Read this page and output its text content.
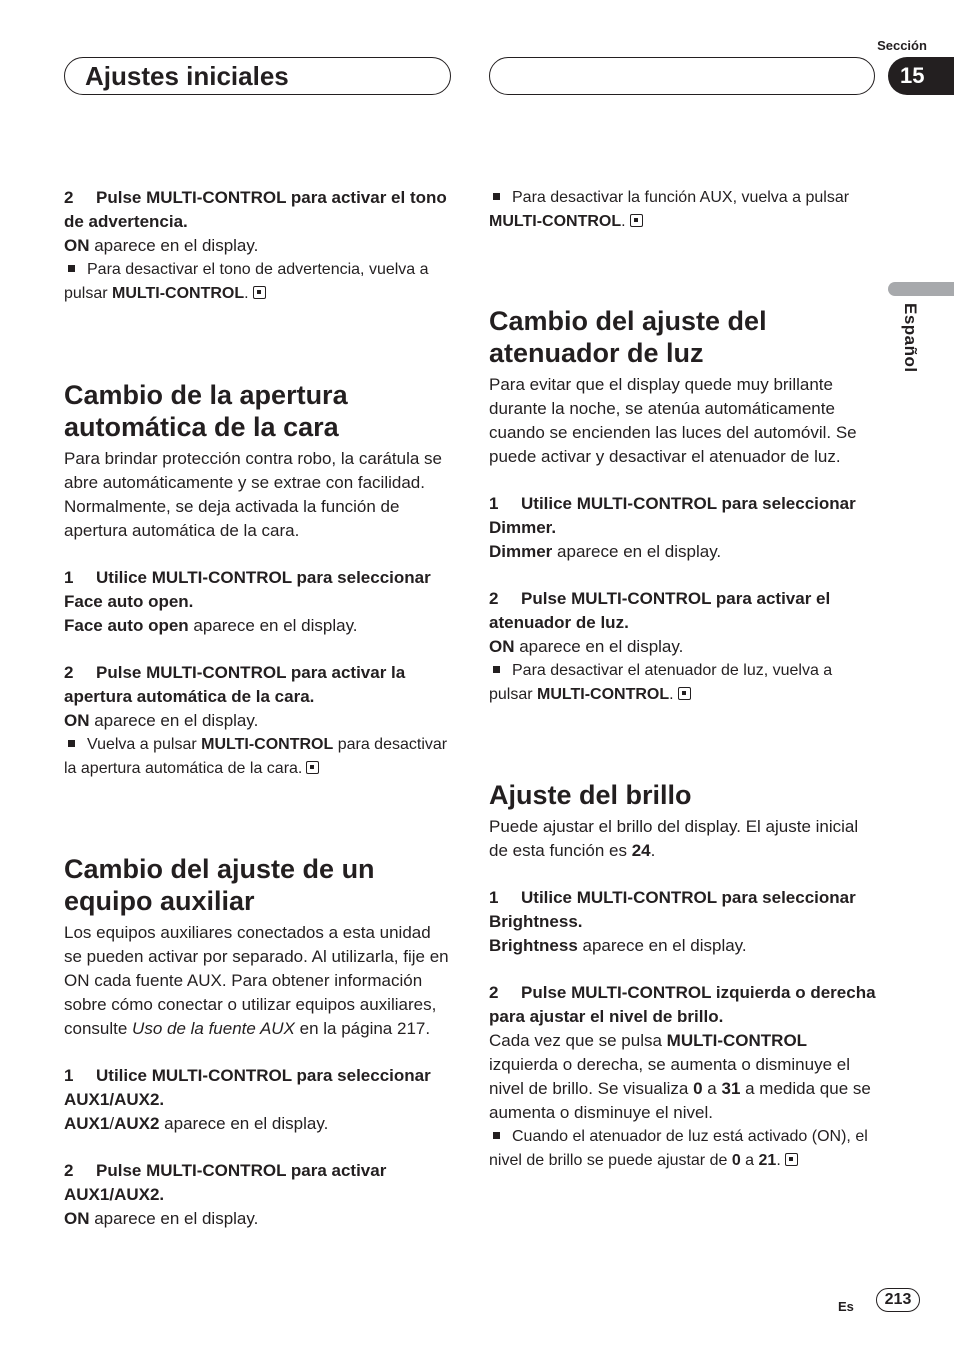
Ajustes iniciales
Sección
15
Español

2 Pulse MULTI-CONTROL para activar el tono de advertencia.

ON aparece en el display.

Para desactivar el tono de advertencia, vuelva a pulsar MULTI-CONTROL.

Cambio de la apertura automática de la cara

Para brindar protección contra robo, la carátula se abre automáticamente y se extrae con facilidad. Normalmente, se deja activada la función de apertura automática de la cara.

1 Utilice MULTI-CONTROL para seleccionar Face auto open.

Face auto open aparece en el display.

2 Pulse MULTI-CONTROL para activar la apertura automática de la cara.

ON aparece en el display.

Vuelva a pulsar MULTI-CONTROL para desactivar la apertura automática de la cara.

Cambio del ajuste de un equipo auxiliar

Los equipos auxiliares conectados a esta unidad se pueden activar por separado. Al utilizarla, fije en ON cada fuente AUX. Para obtener información sobre cómo conectar o utilizar equipos auxiliares, consulte Uso de la fuente AUX en la página 217.

1 Utilice MULTI-CONTROL para seleccionar AUX1/AUX2.

AUX1/AUX2 aparece en el display.

2 Pulse MULTI-CONTROL para activar AUX1/AUX2.

ON aparece en el display.

Para desactivar la función AUX, vuelva a pulsar MULTI-CONTROL.

Cambio del ajuste del atenuador de luz

Para evitar que el display quede muy brillante durante la noche, se atenúa automáticamente cuando se encienden las luces del automóvil. Se puede activar y desactivar el atenuador de luz.

1 Utilice MULTI-CONTROL para seleccionar Dimmer.

Dimmer aparece en el display.

2 Pulse MULTI-CONTROL para activar el atenuador de luz.

ON aparece en el display.

Para desactivar el atenuador de luz, vuelva a pulsar MULTI-CONTROL.

Ajuste del brillo

Puede ajustar el brillo del display. El ajuste inicial de esta función es 24.

1 Utilice MULTI-CONTROL para seleccionar Brightness.

Brightness aparece en el display.

2 Pulse MULTI-CONTROL izquierda o derecha para ajustar el nivel de brillo.

Cada vez que se pulsa MULTI-CONTROL izquierda o derecha, se aumenta o disminuye el nivel de brillo. Se visualiza 0 a 31 a medida que se aumenta o disminuye el nivel.

Cuando el atenuador de luz está activado (ON), el nivel de brillo se puede ajustar de 0 a 21.

Es	213
